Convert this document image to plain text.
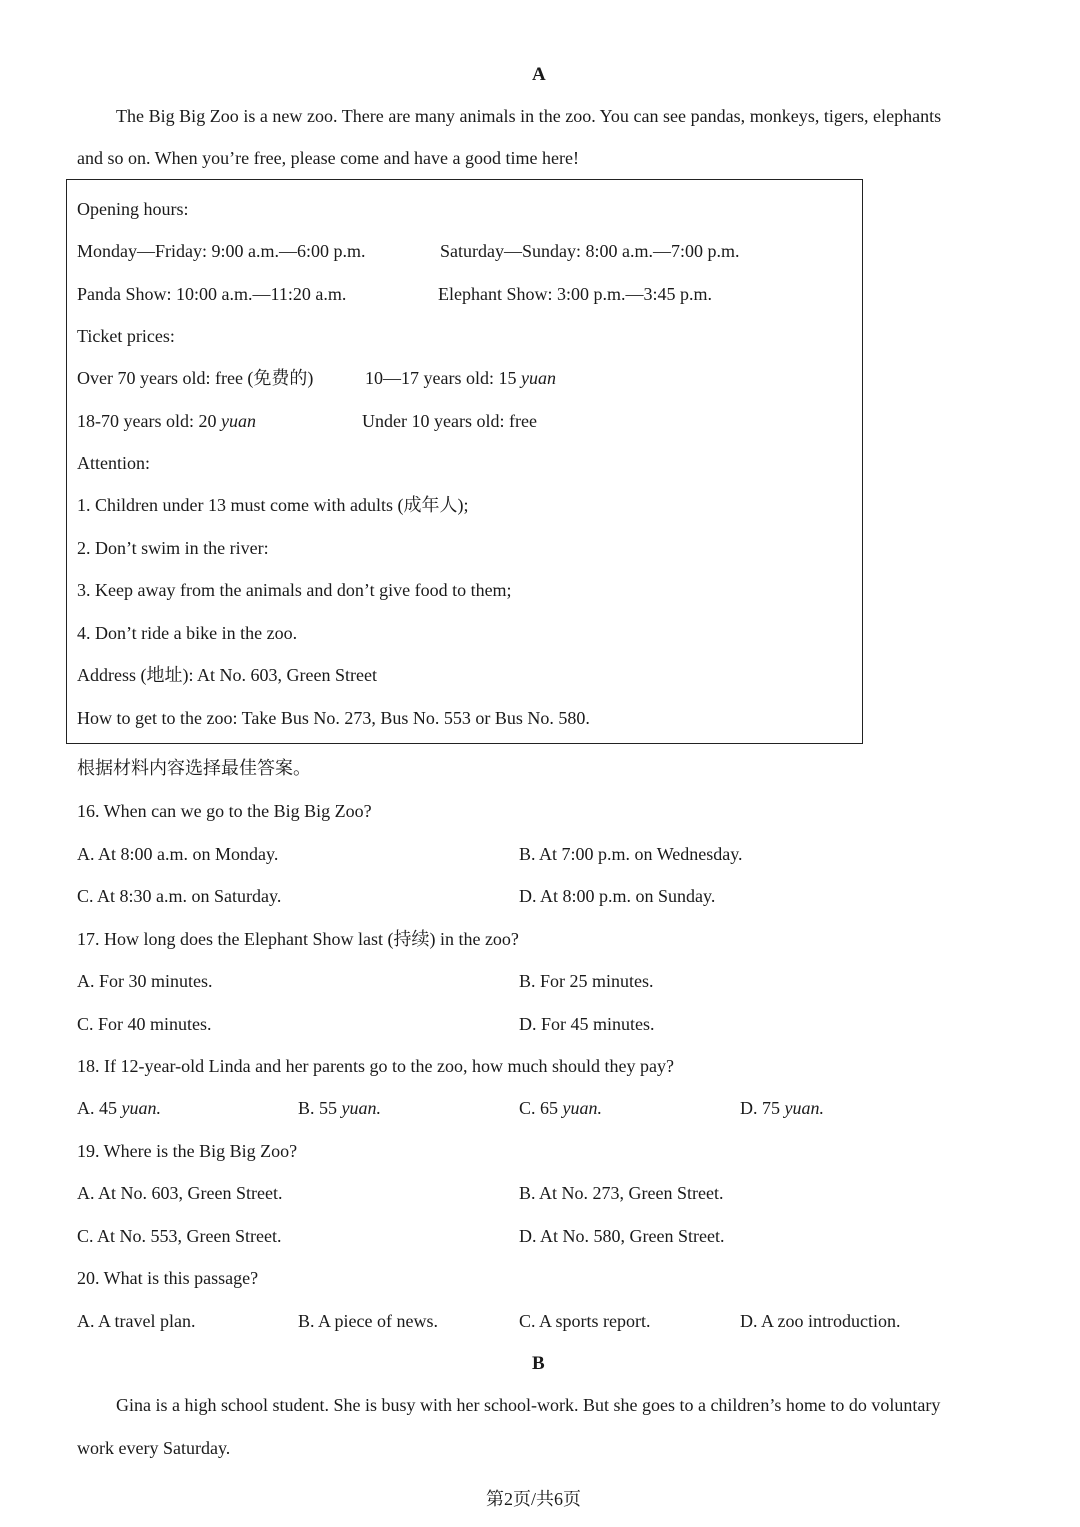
A
The Big Big Zoo is a new zoo. There are many animals in the zoo. You can see pandas, monkeys, tigers, elephants
and so on. When you’re free, please come and have a good time here!
Opening hours:
Monday—Friday: 9:00 a.m.—6:00 p.m.	Saturday—Sunday: 8:00 a.m.—7:00 p.m.
Panda Show: 10:00 a.m.—11:20 a.m.	Elephant Show: 3:00 p.m.—3:45 p.m.
Ticket prices:
Over 70 years old: free (免费的)	10—17 years old: 15 yuan
18-70 years old: 20 yuan	Under 10 years old: free
Attention:
1. Children under 13 must come with adults (成年人);
2. Don’t swim in the river:
3. Keep away from the animals and don’t give food to them;
4. Don’t ride a bike in the zoo.
Address (地址): At No. 603, Green Street
How to get to the zoo: Take Bus No. 273, Bus No. 553 or Bus No. 580.
根据材料内容选择最佳答案。
16. When can we go to the Big Big Zoo?
A. At 8:00 a.m. on Monday.	B. At 7:00 p.m. on Wednesday.
C. At 8:30 a.m. on Saturday.	D. At 8:00 p.m. on Sunday.
17. How long does the Elephant Show last (持续) in the zoo?
A. For 30 minutes.	B. For 25 minutes.
C. For 40 minutes.	D. For 45 minutes.
18. If 12-year-old Linda and her parents go to the zoo, how much should they pay?
A. 45 yuan.	B. 55 yuan.	C. 65 yuan.	D. 75 yuan.
19. Where is the Big Big Zoo?
A. At No. 603, Green Street.	B. At No. 273, Green Street.
C. At No. 553, Green Street.	D. At No. 580, Green Street.
20. What is this passage?
A. A travel plan.	B. A piece of news.	C. A sports report.	D. A zoo introduction.
B
Gina is a high school student. She is busy with her school-work. But she goes to a children’s home to do voluntary
work every Saturday.
第2页/共6页
